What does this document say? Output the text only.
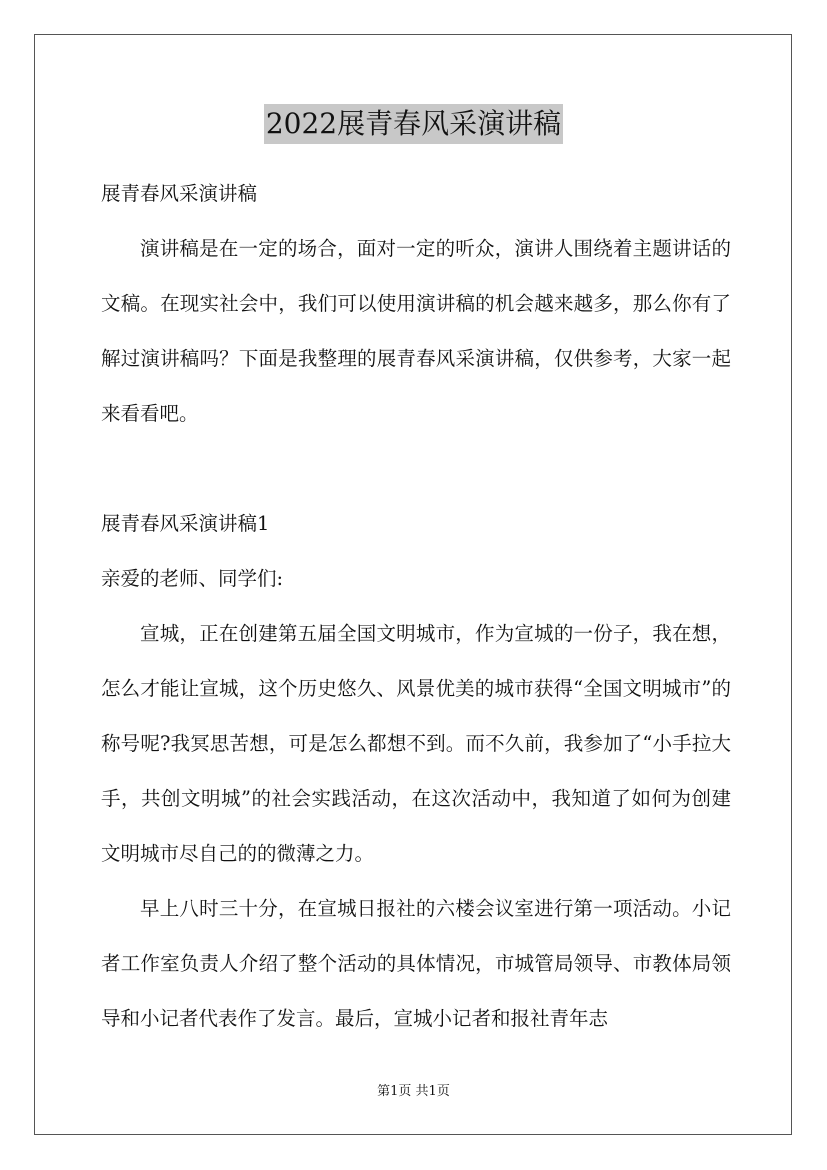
2022展青春风采演讲稿
展青春风采演讲稿

演讲稿是在一定的场合，面对一定的听众，演讲人围绕着主题讲话的文稿。在现实社会中，我们可以使用演讲稿的机会越来越多，那么你有了解过演讲稿吗？下面是我整理的展青春风采演讲稿，仅供参考，大家一起来看看吧。

展青春风采演讲稿1
亲爱的老师、同学们:

宣城，正在创建第五届全国文明城市，作为宣城的一份子，我在想，怎么才能让宣城，这个历史悠久、风景优美的城市获得“全国文明城市”的称号呢?我冥思苦想，可是怎么都想不到。而不久前，我参加了“小手拉大手，共创文明城”的社会实践活动，在这次活动中，我知道了如何为创建文明城市尽自己的的微薄之力。

早上八时三十分，在宣城日报社的六楼会议室进行第一项活动。小记者工作室负责人介绍了整个活动的具体情况，市城管局领导、市教体局领导和小记者代表作了发言。最后，宣城小记者和报社青年志

第1页 共1页
